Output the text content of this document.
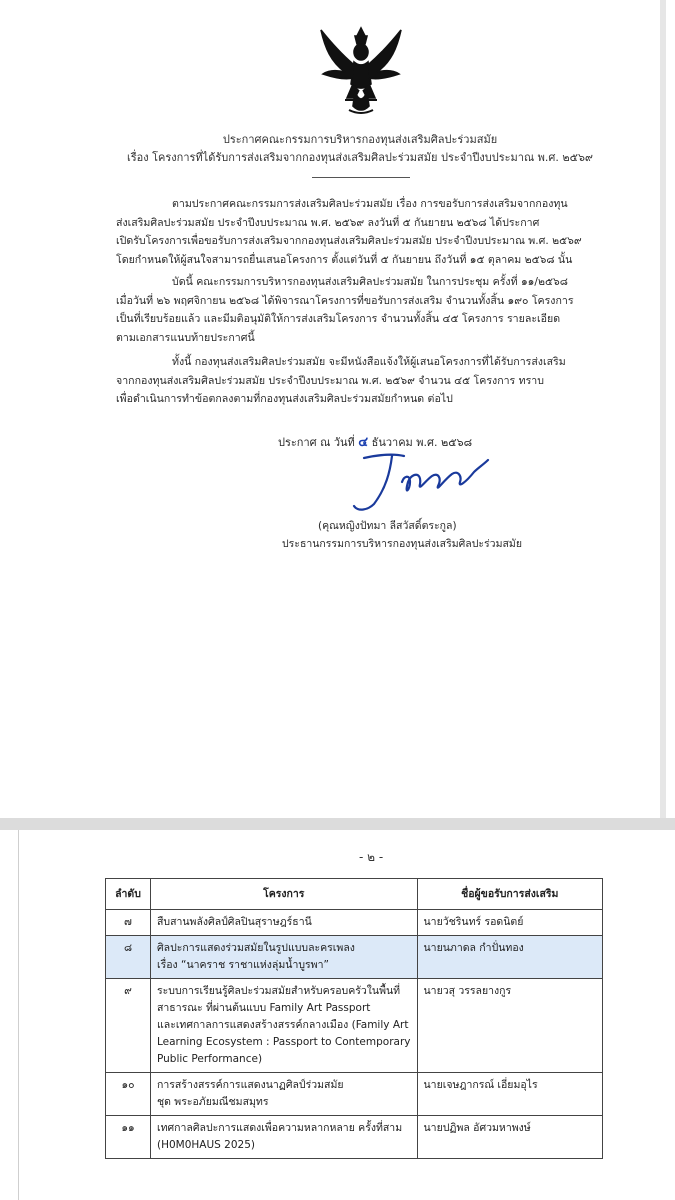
ประกาศคณะกรรมการบริหารกองทุนส่งเสริมศิลปะร่วมสมัย
เรื่อง โครงการที่ได้รับการส่งเสริมจากกองทุนส่งเสริมศิลปะร่วมสมัย ประจำปีงบประมาณ พ.ศ. ๒๕๖๙
ตามประกาศคณะกรรมการส่งเสริมศิลปะร่วมสมัย เรื่อง การขอรับการส่งเสริมจากกองทุน
ส่งเสริมศิลปะร่วมสมัย ประจำปีงบประมาณ พ.ศ. ๒๕๖๙ ลงวันที่ ๕ กันยายน ๒๕๖๘ ได้ประกาศ
เปิดรับโครงการเพื่อขอรับการส่งเสริมจากกองทุนส่งเสริมศิลปะร่วมสมัย ประจำปีงบประมาณ พ.ศ. ๒๕๖๙
โดยกำหนดให้ผู้สนใจสามารถยื่นเสนอโครงการ ตั้งแต่วันที่ ๕ กันยายน ถึงวันที่ ๑๕ ตุลาคม ๒๕๖๘ นั้น
บัดนี้ คณะกรรมการบริหารกองทุนส่งเสริมศิลปะร่วมสมัย ในการประชุม ครั้งที่ ๑๑/๒๕๖๘
เมื่อวันที่ ๒๖ พฤศจิกายน ๒๕๖๘ ได้พิจารณาโครงการที่ขอรับการส่งเสริม จำนวนทั้งสิ้น ๑๙๐ โครงการ
เป็นที่เรียบร้อยแล้ว และมีมติอนุมัติให้การส่งเสริมโครงการ จำนวนทั้งสิ้น ๔๕ โครงการ รายละเอียด
ตามเอกสารแนบท้ายประกาศนี้
ทั้งนี้ กองทุนส่งเสริมศิลปะร่วมสมัย จะมีหนังสือแจ้งให้ผู้เสนอโครงการที่ได้รับการส่งเสริม
จากกองทุนส่งเสริมศิลปะร่วมสมัย ประจำปีงบประมาณ พ.ศ. ๒๕๖๙ จำนวน ๔๕ โครงการ ทราบ
เพื่อดำเนินการทำข้อตกลงตามที่กองทุนส่งเสริมศิลปะร่วมสมัยกำหนด ต่อไป
ประกาศ ณ วันที่ ๔ ธันวาคม พ.ศ. ๒๕๖๘
(คุณหญิงปัทมา ลีสวัสดิ์ตระกูล)
ประธานกรรมการบริหารกองทุนส่งเสริมศิลปะร่วมสมัย
- ๒ -
ลำดับ	โครงการ	ชื่อผู้ขอรับการส่งเสริม
๗	สืบสานพลังศิลป์ศิลปินสุราษฎร์ธานี	นายวัชรินทร์ รอดนิตย์
๘	ศิลปะการแสดงร่วมสมัยในรูปแบบละครเพลง
เรื่อง “นาคราช ราชาแห่งลุ่มน้ำบูรพา”	นายนภาดล กำปั่นทอง
๙	ระบบการเรียนรู้ศิลปะร่วมสมัยสำหรับครอบครัวในพื้นที่
สาธารณะ ที่ผ่านต้นแบบ Family Art Passport
และเทศกาลการแสดงสร้างสรรค์กลางเมือง (Family Art
Learning Ecosystem : Passport to Contemporary
Public Performance)	นายวสุ วรรลยางกูร
๑๐	การสร้างสรรค์การแสดงนาฏศิลป์ร่วมสมัย
ชุด พระอภัยมณีชมสมุทร	นายเจษฎากรณ์ เอี่ยมอุไร
๑๑	เทศกาลศิลปะการแสดงเพื่อความหลากหลาย ครั้งที่สาม
(H0M0HAUS 2025)	นายปฏิพล อัศวมหาพงษ์
